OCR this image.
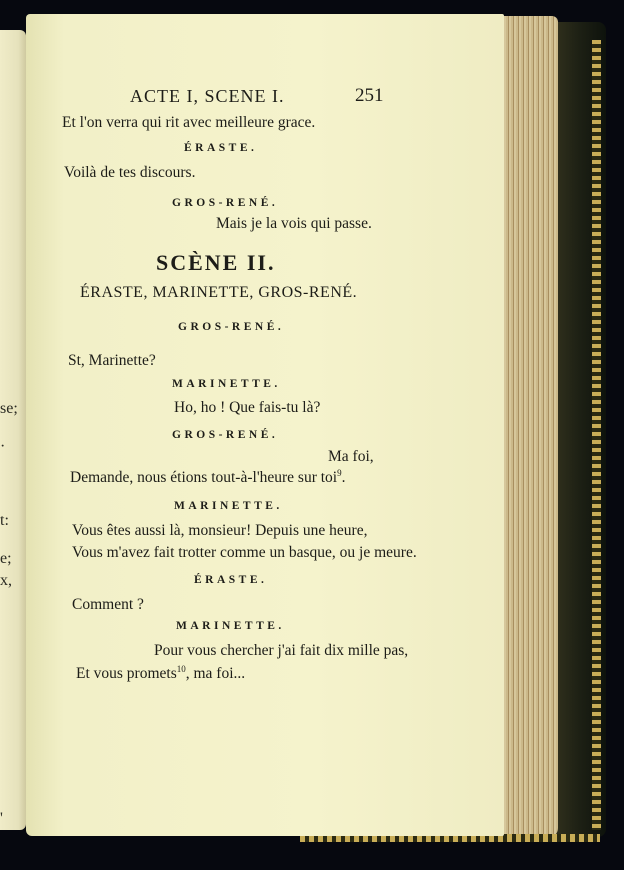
se;
·
t:
e;
x,
'
ACTE I, SCENE I.	251
Et l'on verra qui rit avec meilleure grace.
ÉRASTE.
Voilà de tes discours.
GROS-RENÉ.
Mais je la vois qui passe.
SCÈNE II.
ÉRASTE, MARINETTE, GROS-RENÉ.
GROS-RENÉ.
St, Marinette?
MARINETTE.
Ho, ho ! Que fais-tu là?
GROS-RENÉ.
Ma foi,
Demande, nous étions tout-à-l'heure sur toi$^9$.
MARINETTE.
Vous êtes aussi là, monsieur! Depuis une heure,
Vous m'avez fait trotter comme un basque, ou je meure.
ÉRASTE.
Comment ?
MARINETTE.
Pour vous chercher j'ai fait dix mille pas,
Et vous promets$^{10}$, ma foi...
